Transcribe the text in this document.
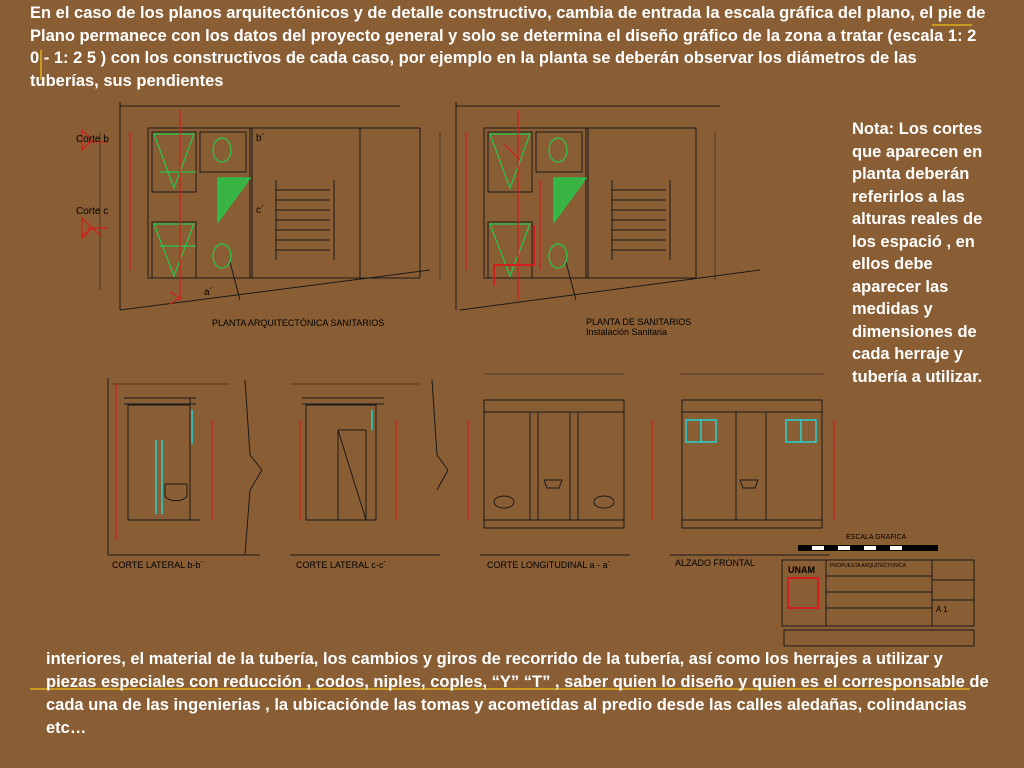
En el caso de los planos arquitectónicos y de detalle constructivo, cambia de entrada la escala gráfica del plano, el pie de Plano permanece con los datos del proyecto general y solo se determina el diseño gráfico de la zona a tratar (escala 1: 2 0 - 1: 2 5 ) con los constructivos de cada caso, por ejemplo en la planta se deberán observar los diámetros de las tuberías, sus pendientes
Nota: Los cortes que aparecen en planta deberán referirlos a las alturas reales de los espació , en ellos debe aparecer las medidas y dimensiones de cada herraje y tubería a utilizar.
interiores, el material de la tubería, los cambios y giros de recorrido de la tubería, así como los herrajes a utilizar y piezas especiales con reducción , codos, niples, coples, “Y” “T” , saber quien lo diseño y quien es el corresponsable de cada una de las ingenierias , la ubicaciónde las tomas y acometidas al predio desde las calles aledañas, colindancias etc…
PLANTA ARQUITECTÓNICA SANITARIOS	PLANTA DE SANITARIOS
Instalación Sanitaria
Corte b
Corte c
b´
c´
a´
CORTE LATERAL b-b´	CORTE LATERAL c-c´	CORTE LONGITUDINAL a - a´	ALZADO FRONTAL
ESCALA GRAFICA
UNAM	PROPUESTA ARQUITECTONICA
A 1
